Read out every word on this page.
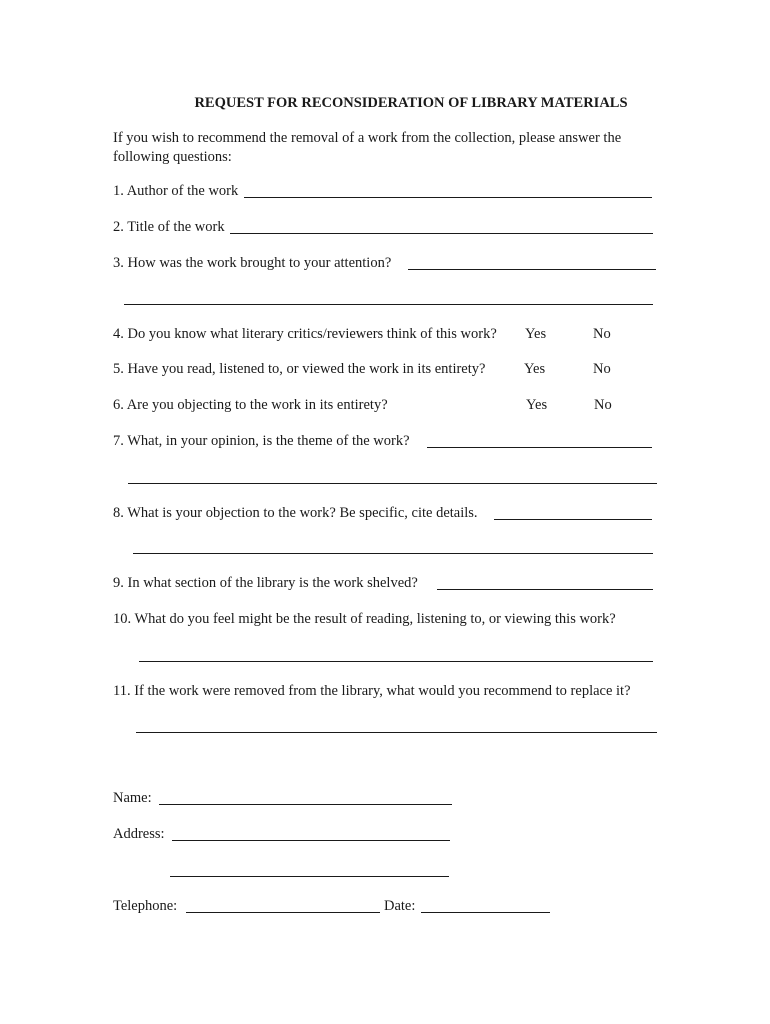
REQUEST FOR RECONSIDERATION OF LIBRARY MATERIALS
If you wish to recommend the removal of a work from the collection, please answer the
following questions:
1. Author of the work
2. Title of the work
3. How was the work brought to your attention?
4. Do you know what literary critics/reviewers think of this work? Yes	No
5. Have you read, listened to, or viewed the work in its entirety?	Yes	No
6. Are you objecting to the work in its entirety?	Yes	No
7. What, in your opinion, is the theme of the work?
8. What is your objection to the work? Be specific, cite details.
9. In what section of the library is the work shelved?
10. What do you feel might be the result of reading, listening to, or viewing this work?
11. If the work were removed from the library, what would you recommend to replace it?
Name:
Address:
Telephone:	Date:
